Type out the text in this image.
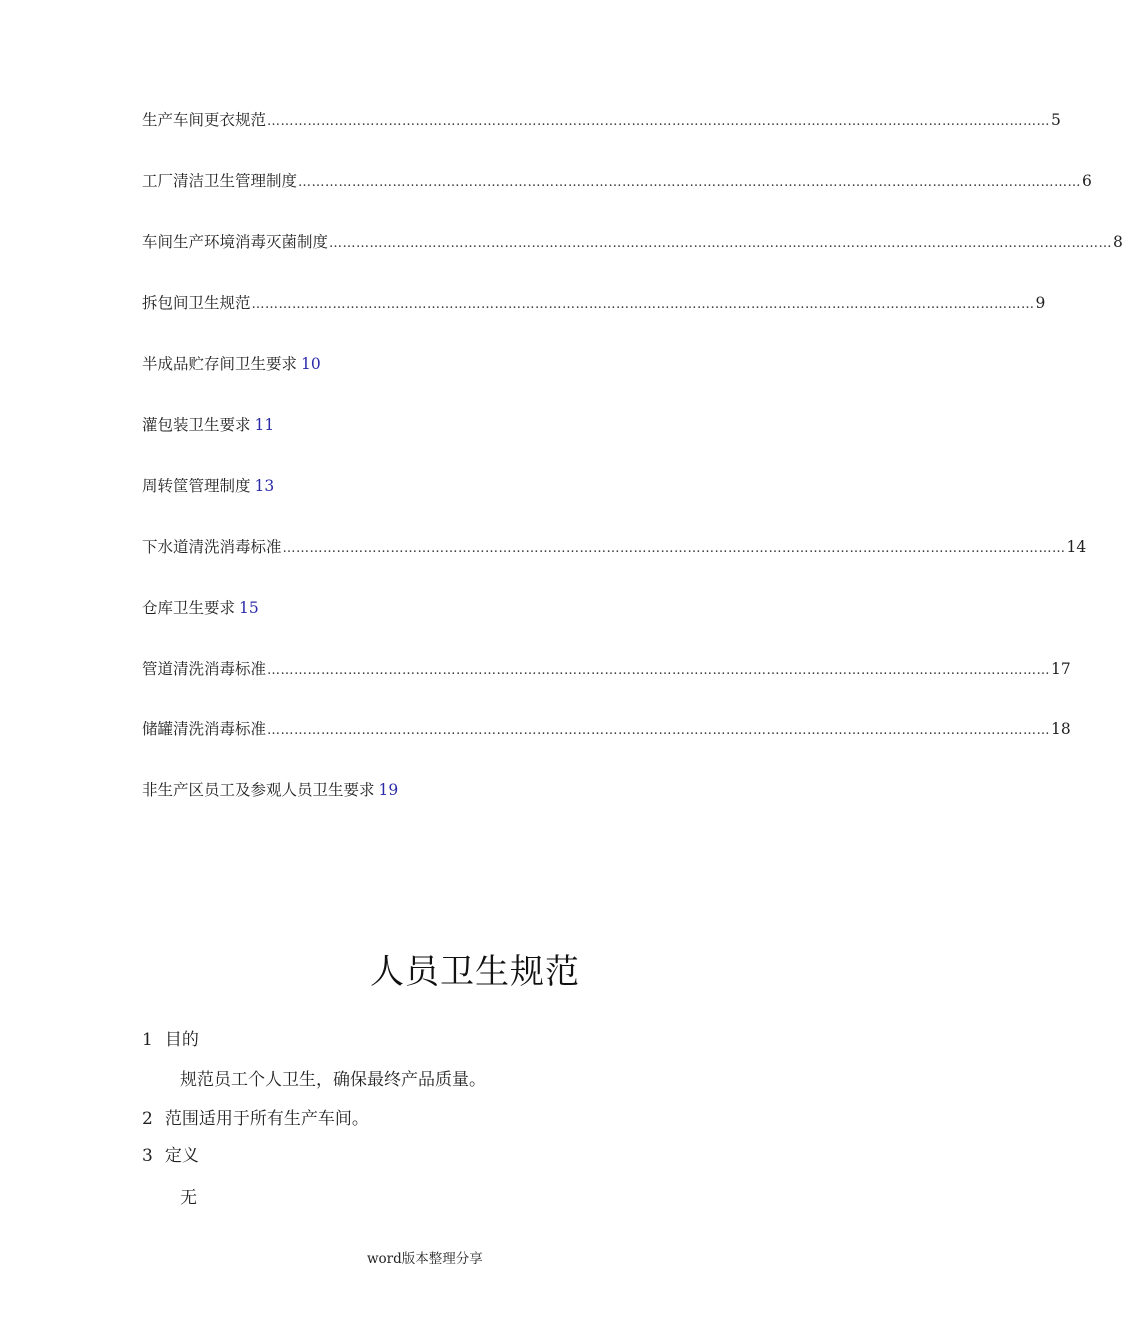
生产车间更衣规范 ………………………………………………………………………………………………………………………………………………………… 5
工厂清洁卫生管理制度 ………………………………………………………………………………………………………………………………………………………… 6
车间生产环境消毒灭菌制度 ………………………………………………………………………………………………………………………………………………………… 8
拆包间卫生规范 ………………………………………………………………………………………………………………………………………………………… 9
半成品贮存间卫生要求 10
灌包装卫生要求 11
周转筐管理制度 13
下水道清洗消毒标准 ………………………………………………………………………………………………………………………………………………………… 14
仓库卫生要求 15
管道清洗消毒标准 ………………………………………………………………………………………………………………………………………………………… 17
储罐清洗消毒标准 ………………………………………………………………………………………………………………………………………………………… 18
非生产区员工及参观人员卫生要求 19
人员卫生规范
1 目的
规范员工个人卫生，确保最终产品质量。
2 范围适用于所有生产车间。
3 定义
无
word版本整理分享
